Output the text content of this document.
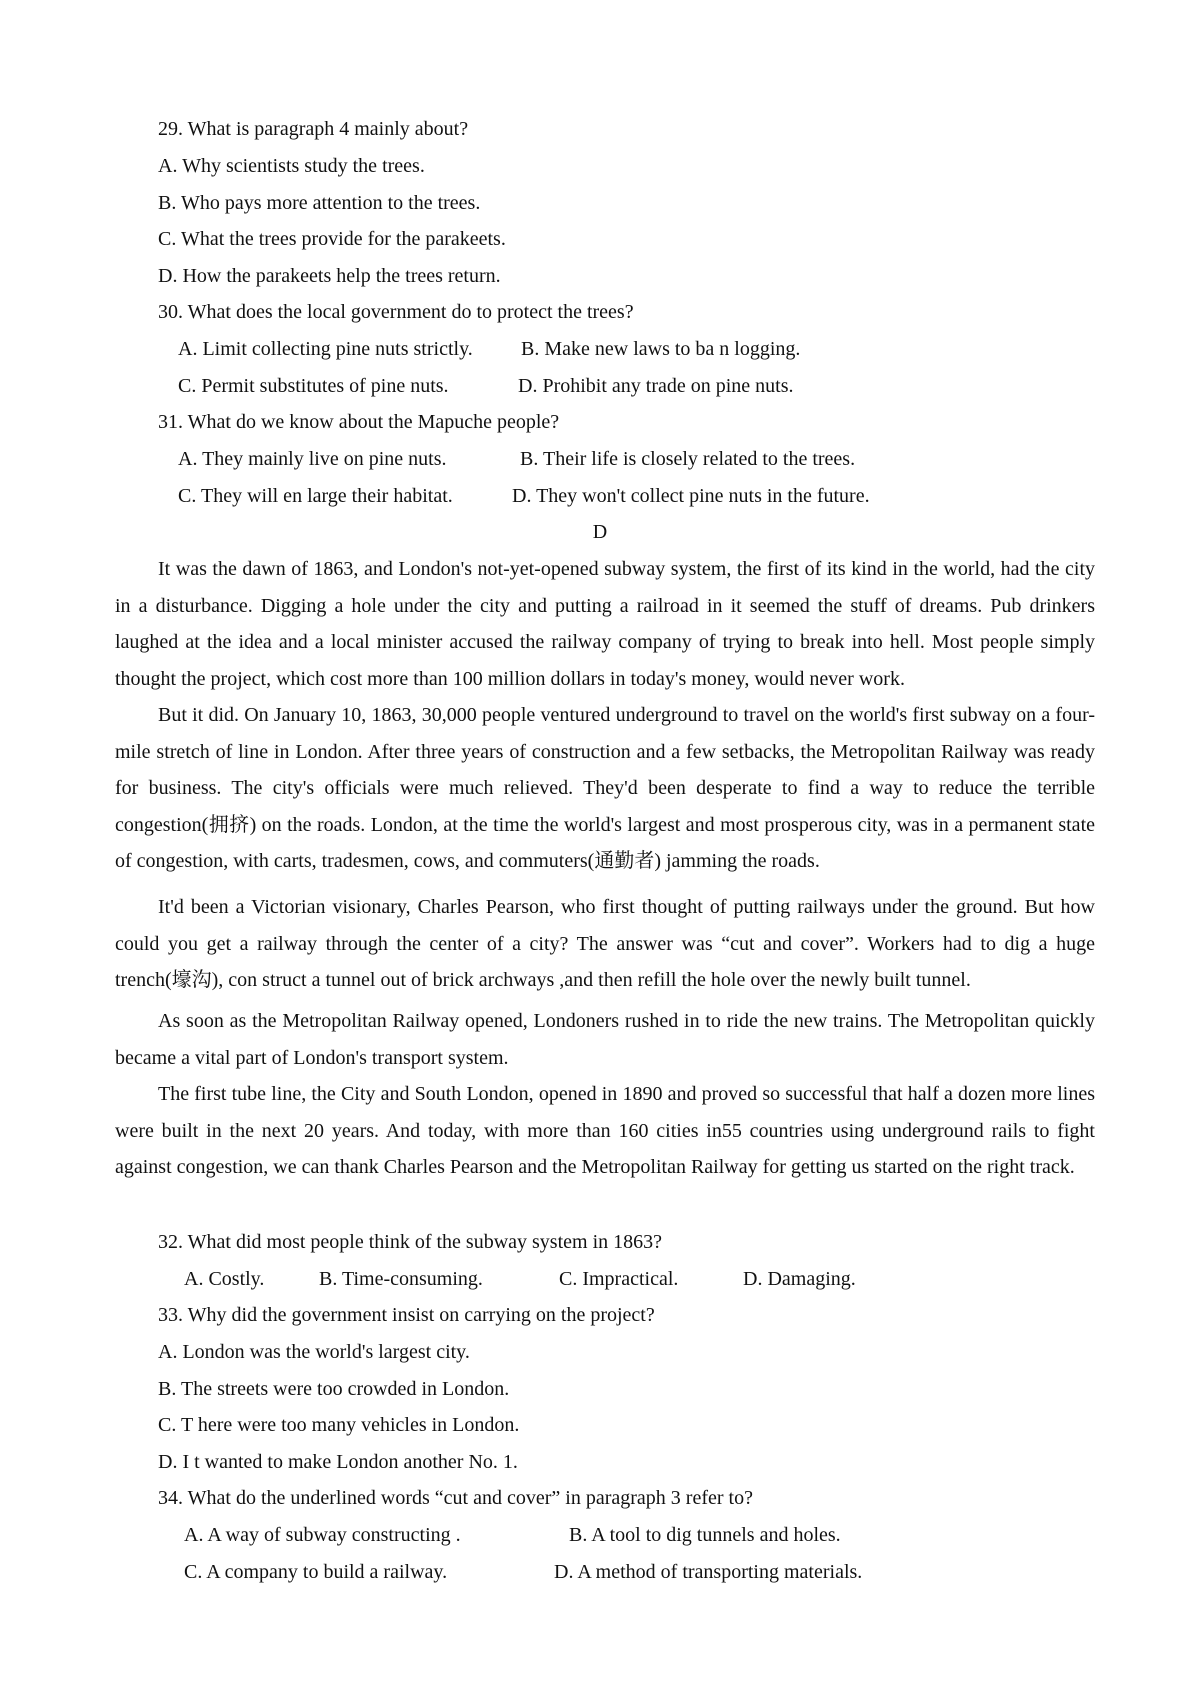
29. What is paragraph 4 mainly about?
A. Why scientists study the trees.
B. Who pays more attention to the trees.
C. What the trees provide for the parakeets.
D. How the parakeets help the trees return.
30. What does the local government do to protect the trees?
A. Limit collecting pine nuts strictly. B. Make new laws to ba n logging.
C. Permit substitutes of pine nuts.	D. Prohibit any trade on pine nuts.
31. What do we know about the Mapuche people?
A. They mainly live on pine nuts.	B. Their life is closely related to the trees.
C. They will en large their habitat.	D. They won't collect pine nuts in the future.
D
It was the dawn of 1863, and London's not-yet-opened subway system, the first of its kind in the world, had the city in a disturbance. Digging a hole under the city and putting a railroad in it seemed the stuff of dreams. Pub drinkers laughed at the idea and a local minister accused the railway company of trying to break into hell. Most people simply thought the project, which cost more than 100 million dollars in today's money, would never work.
But it did. On January 10, 1863, 30,000 people ventured underground to travel on the world's first subway on a four-mile stretch of line in London. After three years of construction and a few setbacks, the Metropolitan Railway was ready for business. The city's officials were much relieved. They'd been desperate to find a way to reduce the terrible congestion(拥挤) on the roads. London, at the time the world's largest and most prosperous city, was in a permanent state of congestion, with carts, tradesmen, cows, and commuters(通勤者) jamming the roads.
It'd been a Victorian visionary, Charles Pearson, who first thought of putting railways under the ground. But how could you get a railway through the center of a city? The answer was “cut and cover”. Workers had to dig a huge trench(壕沟), con struct a tunnel out of brick archways ,and then refill the hole over the newly built tunnel.
As soon as the Metropolitan Railway opened, Londoners rushed in to ride the new trains. The Metropolitan quickly became a vital part of London's transport system.
The first tube line, the City and South London, opened in 1890 and proved so successful that half a dozen more lines were built in the next 20 years. And today, with more than 160 cities in55 countries using underground rails to fight against congestion, we can thank Charles Pearson and the Metropolitan Railway for getting us started on the right track.
32. What did most people think of the subway system in 1863?
A. Costly.	B. Time-consuming.	C. Impractical.	D. Damaging.
33. Why did the government insist on carrying on the project?
A. London was the world's largest city.
B. The streets were too crowded in London.
C. T here were too many vehicles in London.
D. I t wanted to make London another No. 1.
34. What do the underlined words “cut and cover” in paragraph 3 refer to?
A. A way of subway constructing .	B. A tool to dig tunnels and holes.
C. A company to build a railway.	D. A method of transporting materials.
